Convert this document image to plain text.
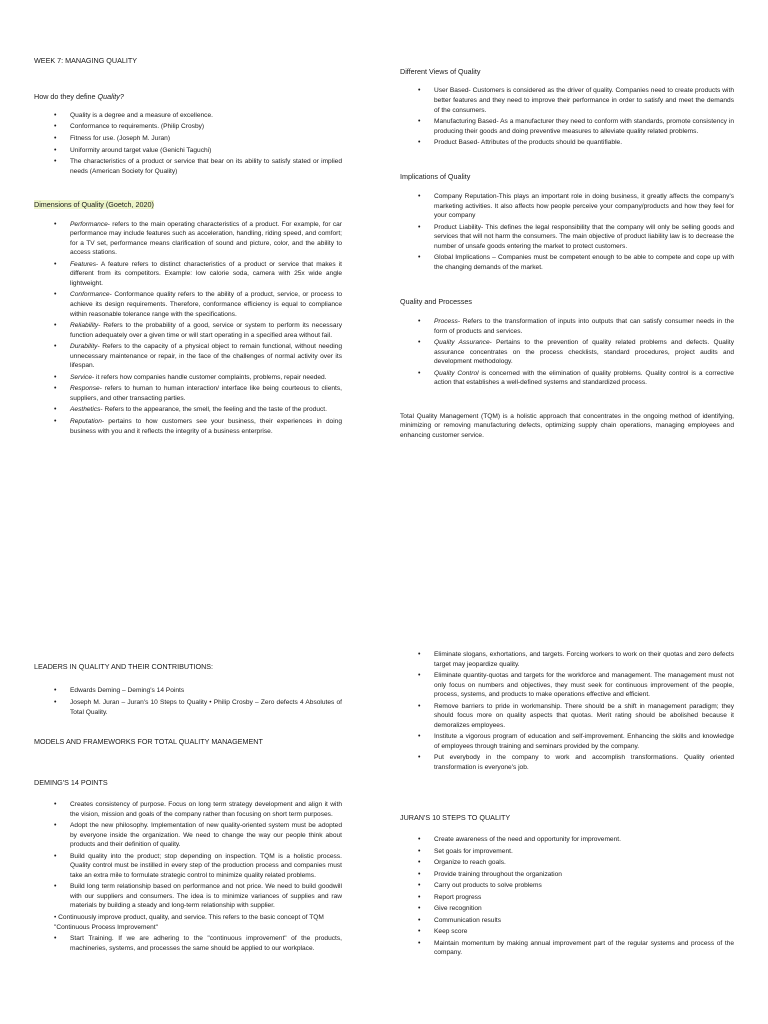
WEEK 7: MANAGING QUALITY
How do they define Quality?
• Quality is a degree and a measure of excellence.
• Conformance to requirements. (Philip Crosby)
• Fitness for use. (Joseph M. Juran)
• Uniformity around target value (Genichi Taguchi)
• The characteristics of a product or service that bear on its ability to satisfy stated or implied needs (American Society for Quality)
Dimensions of Quality (Goetch, 2020)
• Performance- refers to the main operating characteristics of a product. For example, for car performance may include features such as acceleration, handling, riding speed, and comfort; for a TV set, performance means clarification of sound and picture, color, and the ability to access stations.
• Features- A feature refers to distinct characteristics of a product or service that makes it different from its competitors. Example: low calorie soda, camera with 25x wide angle lightweight.
• Conformance- Conformance quality refers to the ability of a product, service, or process to achieve its design requirements. Therefore, conformance efficiency is equal to compliance within reasonable tolerance range with the specifications.
• Reliability- Refers to the probability of a good, service or system to perform its necessary function adequately over a given time or will start operating in a specified area without fail.
• Durability- Refers to the capacity of a physical object to remain functional, without needing unnecessary maintenance or repair, in the face of the challenges of normal activity over its lifespan.
• Service- it refers how companies handle customer complaints, problems, repair needed.
• Response- refers to human to human interaction/ interface like being courteous to clients, suppliers, and other transacting parties.
• Aesthetics- Refers to the appearance, the smell, the feeling and the taste of the product.
• Reputation- pertains to how customers see your business, their experiences in doing business with you and it reflects the integrity of a business enterprise.
Different Views of Quality
• User Based- Customers is considered as the driver of quality. Companies need to create products with better features and they need to improve their performance in order to satisfy and meet the demands of the consumers.
• Manufacturing Based- As a manufacturer they need to conform with standards, promote consistency in producing their goods and doing preventive measures to alleviate quality related problems.
• Product Based- Attributes of the products should be quantifiable.
Implications of Quality
• Company Reputation-This plays an important role in doing business, it greatly affects the company's marketing activities. It also affects how people perceive your company/products and how they feel for your company
• Product Liability- This defines the legal responsibility that the company will only be selling goods and services that will not harm the consumers. The main objective of product liability law is to decrease the number of unsafe goods entering the market to protect customers.
• Global Implications – Companies must be competent enough to be able to compete and cope up with the changing demands of the market.
Quality and Processes
• Process- Refers to the transformation of inputs into outputs that can satisfy consumer needs in the form of products and services.
• Quality Assurance- Pertains to the prevention of quality related problems and defects. Quality assurance concentrates on the process checklists, standard procedures, project audits and development methodology.
• Quality Control is concerned with the elimination of quality problems. Quality control is a corrective action that establishes a well-defined systems and standardized process.

Total Quality Management (TQM) is a holistic approach that concentrates in the ongoing method of identifying, minimizing or removing manufacturing defects, optimizing supply chain operations, managing employees and enhancing customer service.

LEADERS IN QUALITY AND THEIR CONTRIBUTIONS:
• Edwards Deming – Deming's 14 Points
• Joseph M. Juran – Juran's 10 Steps to Quality • Philip Crosby – Zero defects 4 Absolutes of Total Quality.
MODELS AND FRAMEWORKS FOR TOTAL QUALITY MANAGEMENT
DEMING'S 14 POINTS
• Creates consistency of purpose. Focus on long term strategy development and align it with the vision, mission and goals of the company rather than focusing on short term purposes.
• Adopt the new philosophy. Implementation of new quality-oriented system must be adopted by everyone inside the organization. We need to change the way our people think about products and their definition of quality.
• Build quality into the product; stop depending on inspection. TQM is a holistic process. Quality control must be instilled in every step of the production process and companies must take an extra mile to formulate strategic control to minimize quality related problems.
• Build long term relationship based on performance and not price. We need to build goodwill with our suppliers and consumers. The idea is to minimize variances of supplies and raw materials by building a steady and long-term relationship with supplier.

• Continuously improve product, quality, and service. This refers to the basic concept of TQM "Continuous Process Improvement"

• Start Training. If we are adhering to the "continuous improvement" of the products, machineries, systems, and processes the same should be applied to our workplace.
• Eliminate slogans, exhortations, and targets. Forcing workers to work on their quotas and zero defects target may jeopardize quality.
• Eliminate quantity-quotas and targets for the workforce and management. The management must not only focus on numbers and objectives, they must seek for continuous improvement of the people, process, systems, and products to make operations effective and efficient.
• Remove barriers to pride in workmanship. There should be a shift in management paradigm; they should focus more on quality aspects that quotas. Merit rating should be abolished because it demoralizes employees.
• Institute a vigorous program of education and self-improvement. Enhancing the skills and knowledge of employees through training and seminars provided by the company.
• Put everybody in the company to work and accomplish transformations. Quality oriented transformation is everyone's job.
JURAN'S 10 STEPS TO QUALITY
• Create awareness of the need and opportunity for improvement.
• Set goals for improvement.
• Organize to reach goals.
• Provide training throughout the organization
• Carry out products to solve problems
• Report progress
• Give recognition
• Communication results
• Keep score
• Maintain momentum by making annual improvement part of the regular systems and process of the company.
